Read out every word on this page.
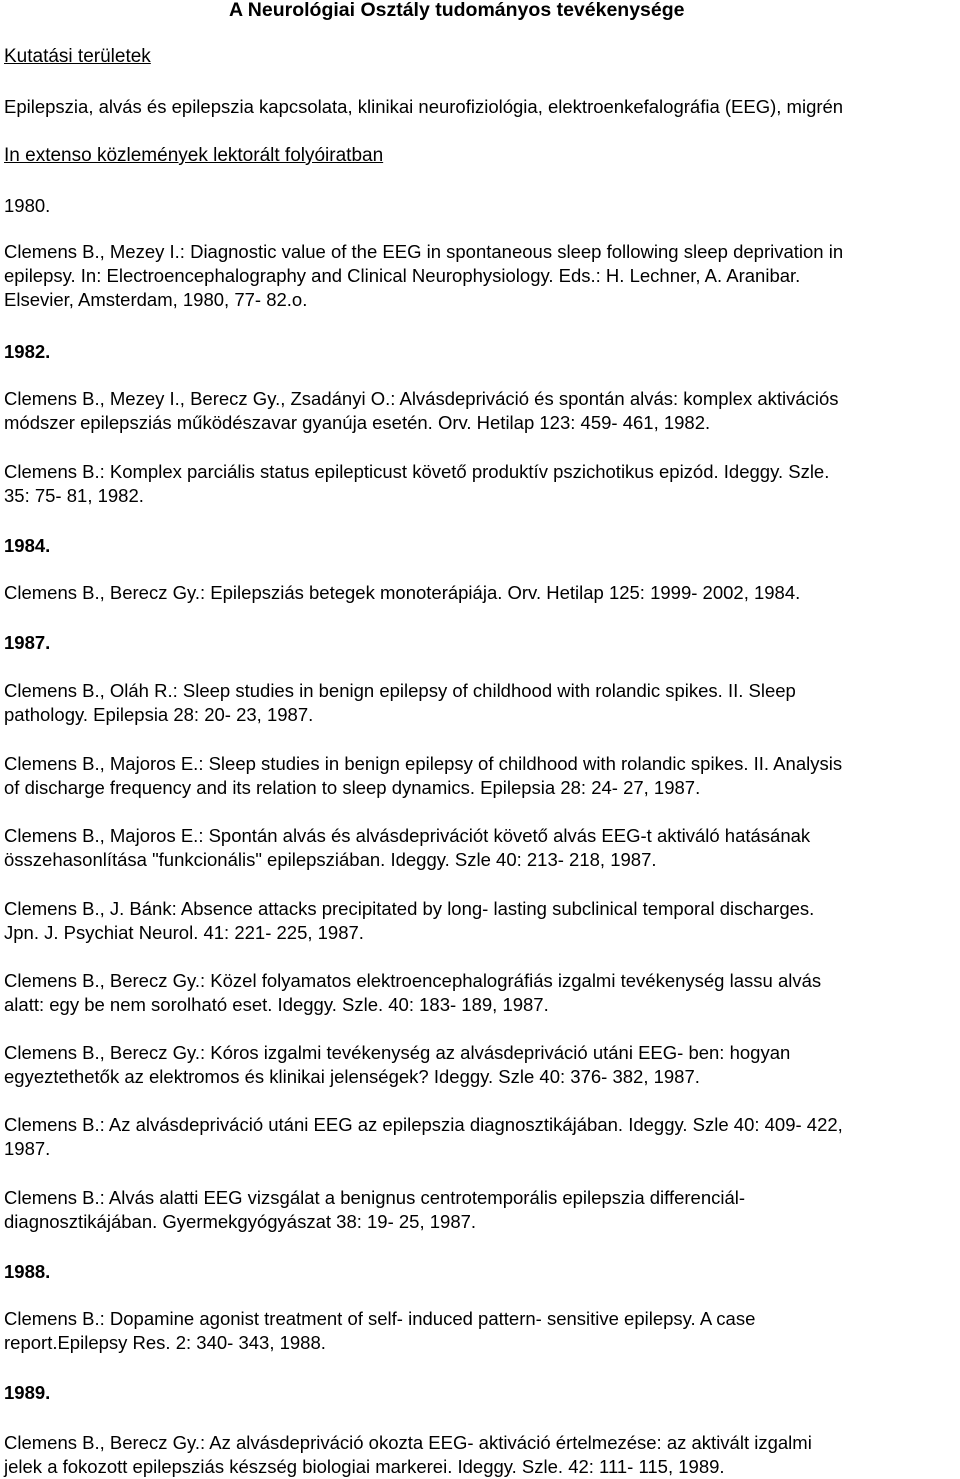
A Neurológiai Osztály tudományos tevékenysége
Kutatási területek
Epilepszia, alvás és epilepszia kapcsolata, klinikai neurofiziológia, elektroenkefalográfia (EEG), migrén
In extenso közlemények lektorált folyóiratban
1980.
Clemens B., Mezey I.: Diagnostic value of the EEG in spontaneous sleep following sleep deprivation in
epilepsy. In: Electroencephalography and Clinical Neurophysiology. Eds.: H. Lechner, A. Aranibar.
Elsevier, Amsterdam, 1980, 77- 82.o.
1982.
Clemens B., Mezey I., Berecz Gy., Zsadányi O.: Alvásdepriváció és spontán alvás: komplex aktivációs
módszer epilepsziás működészavar gyanúja esetén. Orv. Hetilap 123: 459- 461, 1982.
Clemens B.: Komplex parciális status epilepticust követő produktív pszichotikus epizód. Ideggy. Szle.
35: 75- 81, 1982.
1984.
Clemens B., Berecz Gy.: Epilepsziás betegek monoterápiája. Orv. Hetilap 125: 1999- 2002, 1984.
1987.
Clemens B., Oláh R.: Sleep studies in benign epilepsy of childhood with rolandic spikes. II. Sleep
pathology. Epilepsia 28: 20- 23, 1987.
Clemens B., Majoros E.: Sleep studies in benign epilepsy of childhood with rolandic spikes. II. Analysis
of discharge frequency and its relation to sleep dynamics. Epilepsia 28: 24- 27, 1987.
Clemens B., Majoros E.: Spontán alvás és alvásdeprivációt követő alvás EEG-t aktiváló hatásának
összehasonlítása "funkcionális" epilepsziában. Ideggy. Szle 40: 213- 218, 1987.
Clemens B., J. Bánk: Absence attacks precipitated by long- lasting subclinical temporal discharges.
Jpn. J. Psychiat Neurol. 41: 221- 225, 1987.
Clemens B., Berecz Gy.: Közel folyamatos elektroencephalográfiás izgalmi tevékenység lassu alvás
alatt: egy be nem sorolható eset. Ideggy. Szle. 40: 183- 189, 1987.
Clemens B., Berecz Gy.: Kóros izgalmi tevékenység az alvásdepriváció utáni EEG- ben: hogyan
egyeztethetők az elektromos és klinikai jelenségek? Ideggy. Szle 40: 376- 382, 1987.
Clemens B.: Az alvásdepriváció utáni EEG az epilepszia diagnosztikájában. Ideggy. Szle 40: 409- 422,
1987.
Clemens B.: Alvás alatti EEG vizsgálat a benignus centrotemporális epilepszia differenciál-
diagnosztikájában. Gyermekgyógyászat 38: 19- 25, 1987.
1988.
Clemens B.: Dopamine agonist treatment of self- induced pattern- sensitive epilepsy. A case
report.Epilepsy Res. 2: 340- 343, 1988.
1989.
Clemens B., Berecz Gy.: Az alvásdepriváció okozta EEG- aktiváció értelmezése: az aktivált izgalmi
jelek a fokozott epilepsziás készség biologiai markerei. Ideggy. Szle. 42: 111- 115, 1989.
